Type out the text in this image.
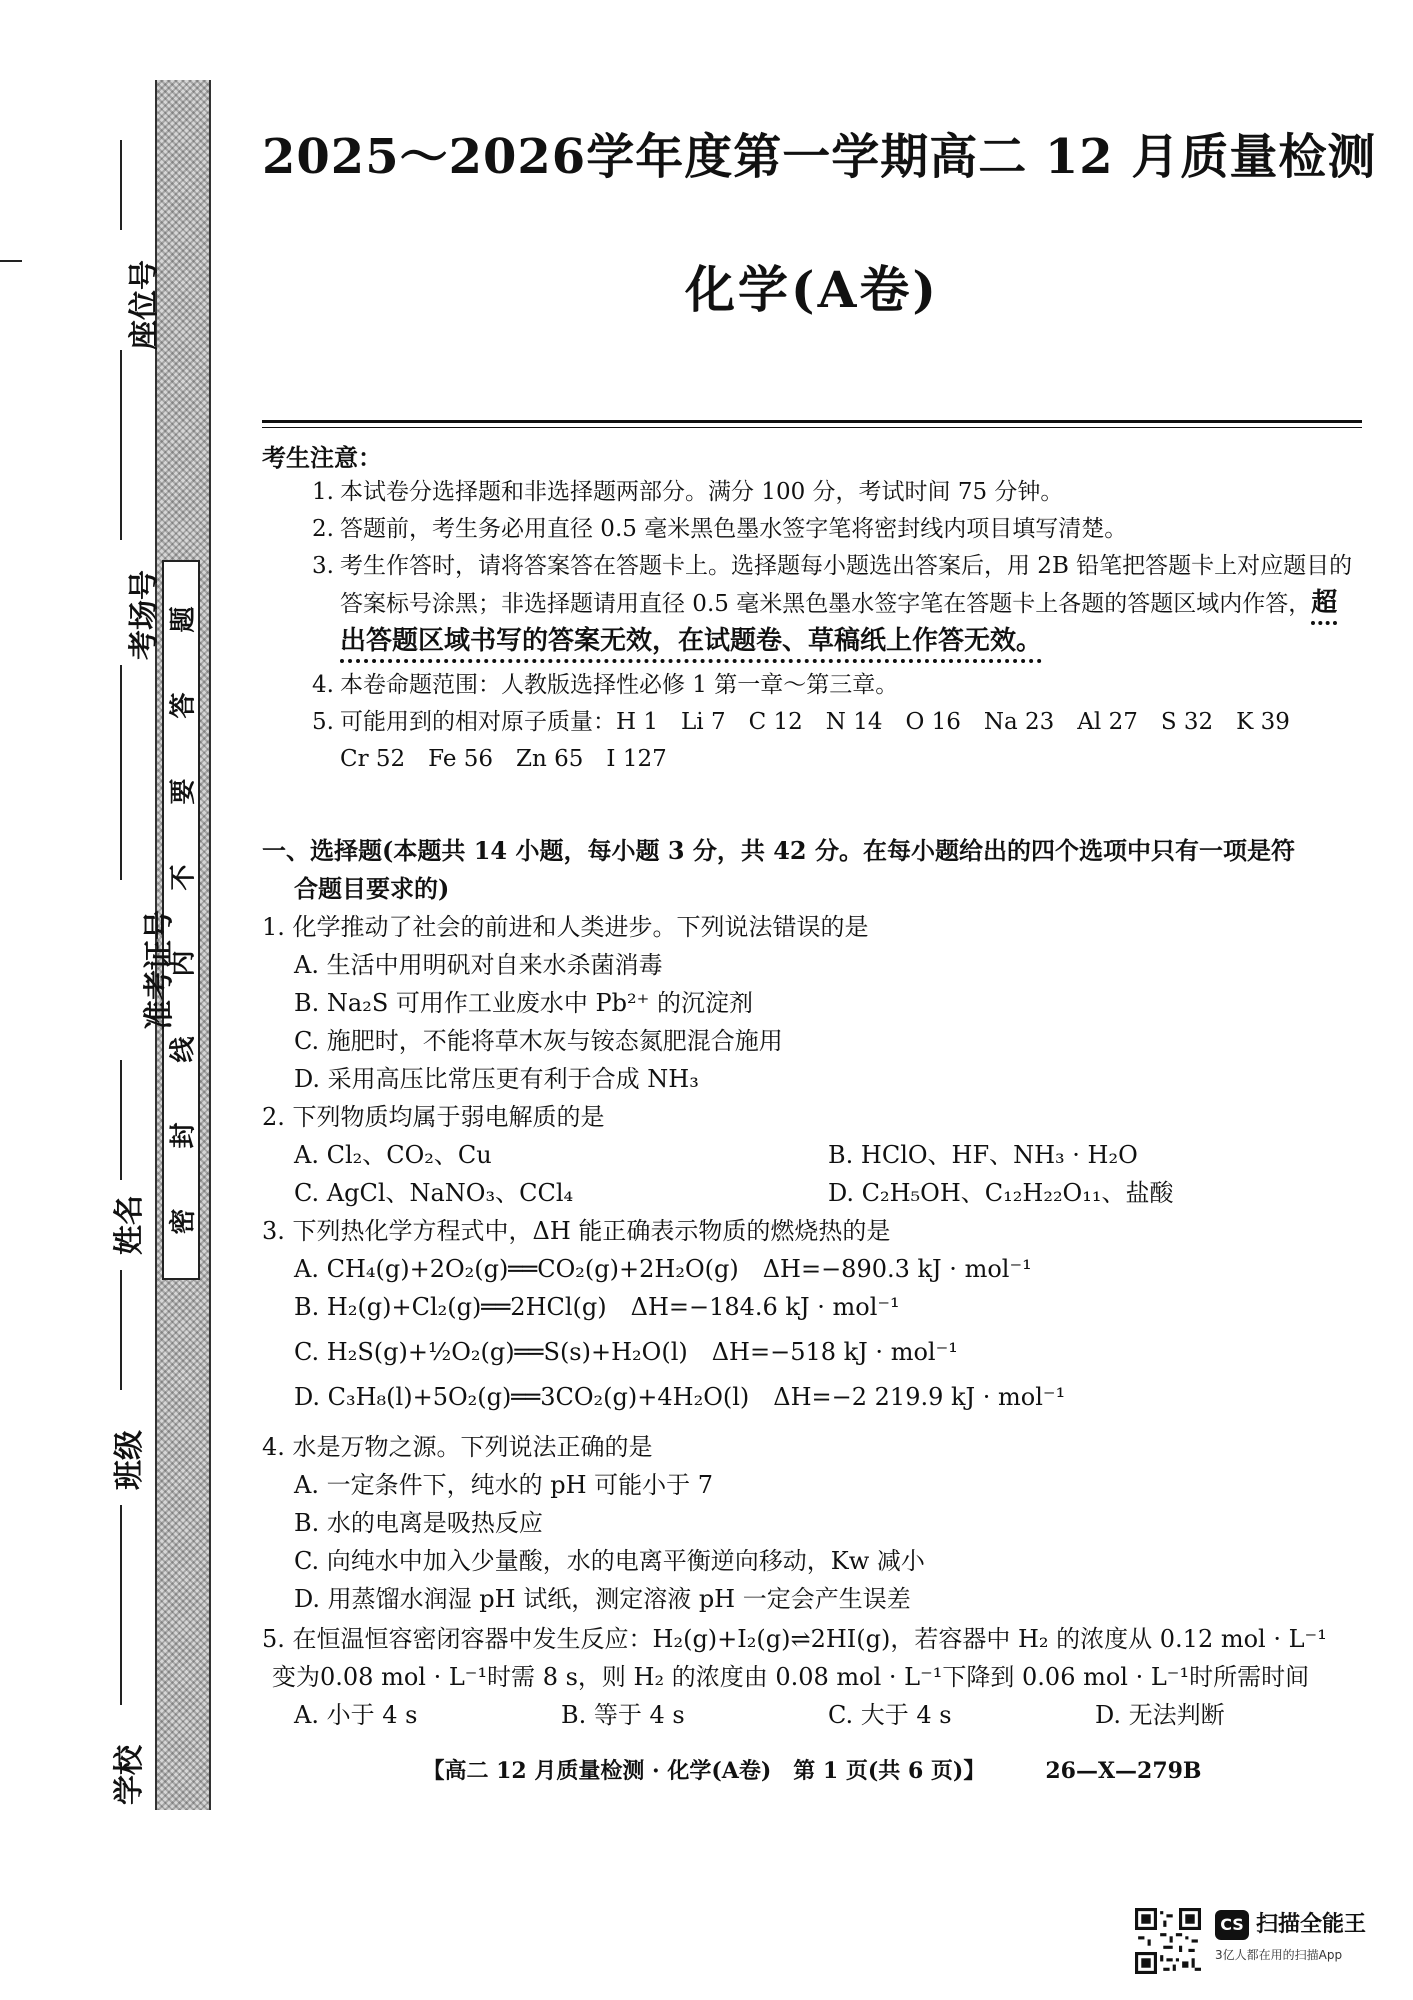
题
答
要
不
内
线
封
密
座位号
考场号
准考证号
姓名
班级
学校
2025～2026学年度第一学期高二 12 月质量检测
化学(A卷)
考生注意：
1. 本试卷分选择题和非选择题两部分。满分 100 分，考试时间 75 分钟。
2. 答题前，考生务必用直径 0.5 毫米黑色墨水签字笔将密封线内项目填写清楚。
3. 考生作答时，请将答案答在答题卡上。选择题每小题选出答案后，用 2B 铅笔把答题卡上对应题目的答案标号涂黑；非选择题请用直径 0.5 毫米黑色墨水签字笔在答题卡上各题的答题区域内作答，超出答题区域书写的答案无效，在试题卷、草稿纸上作答无效。
4. 本卷命题范围：人教版选择性必修 1 第一章～第三章。
5. 可能用到的相对原子质量：H 1　Li 7　C 12　N 14　O 16　Na 23　Al 27　S 32　K 39
Cr 52　Fe 56　Zn 65　I 127
一、选择题(本题共 14 小题，每小题 3 分，共 42 分。在每小题给出的四个选项中只有一项是符
合题目要求的)
1. 化学推动了社会的前进和人类进步。下列说法错误的是
A. 生活中用明矾对自来水杀菌消毒
B. Na₂S 可用作工业废水中 Pb²⁺ 的沉淀剂
C. 施肥时，不能将草木灰与铵态氮肥混合施用
D. 采用高压比常压更有利于合成 NH₃
2. 下列物质均属于弱电解质的是
A. Cl₂、CO₂、Cu	B. HClO、HF、NH₃ · H₂O
C. AgCl、NaNO₃、CCl₄	D. C₂H₅OH、C₁₂H₂₂O₁₁、盐酸
3. 下列热化学方程式中，ΔH 能正确表示物质的燃烧热的是
A. CH₄(g)+2O₂(g)══CO₂(g)+2H₂O(g)　ΔH=−890.3 kJ · mol⁻¹
B. H₂(g)+Cl₂(g)══2HCl(g)　ΔH=−184.6 kJ · mol⁻¹
C. H₂S(g)+½O₂(g)══S(s)+H₂O(l)　ΔH=−518 kJ · mol⁻¹
D. C₃H₈(l)+5O₂(g)══3CO₂(g)+4H₂O(l)　ΔH=−2 219.9 kJ · mol⁻¹
4. 水是万物之源。下列说法正确的是
A. 一定条件下，纯水的 pH 可能小于 7
B. 水的电离是吸热反应
C. 向纯水中加入少量酸，水的电离平衡逆向移动，Kw 减小
D. 用蒸馏水润湿 pH 试纸，测定溶液 pH 一定会产生误差
5. 在恒温恒容密闭容器中发生反应：H₂(g)+I₂(g)⇌2HI(g)，若容器中 H₂ 的浓度从 0.12 mol · L⁻¹
变为0.08 mol · L⁻¹时需 8 s，则 H₂ 的浓度由 0.08 mol · L⁻¹下降到 0.06 mol · L⁻¹时所需时间
A. 小于 4 s	B. 等于 4 s	C. 大于 4 s	D. 无法判断
【高二 12 月质量检测 · 化学(A卷)　第 1 页(共 6 页)】	26—X—279B
CS 扫描全能王
3亿人都在用的扫描App
